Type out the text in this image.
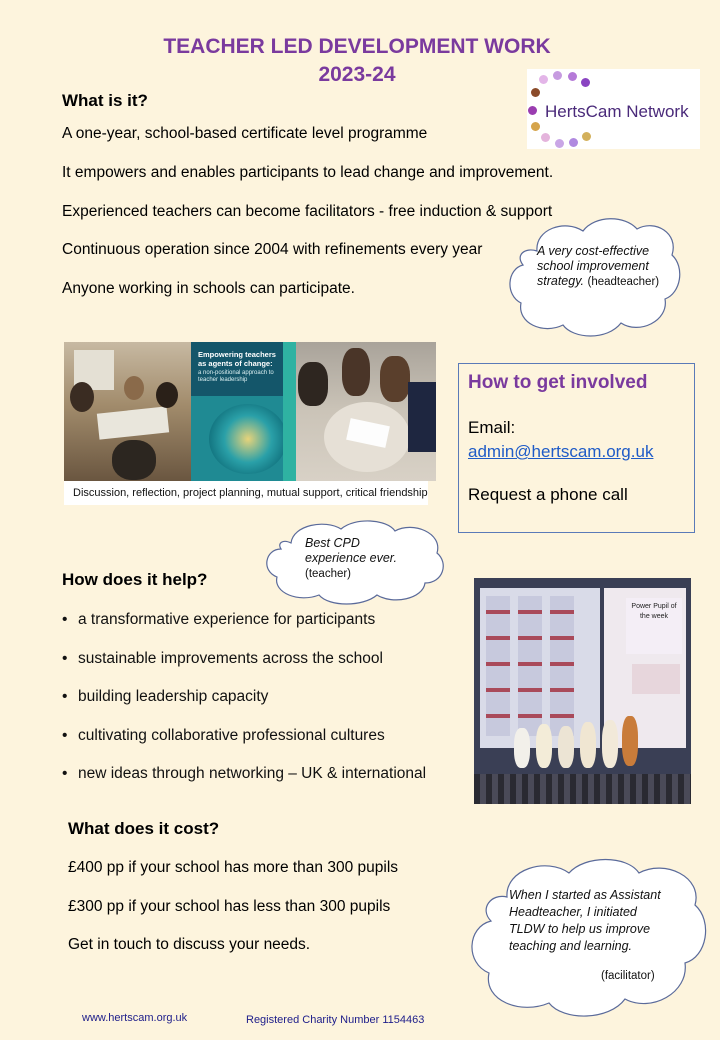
TEACHER LED DEVELOPMENT WORK
2023-24
HertsCam Network
What is it?
A one-year, school-based certificate level programme
It empowers and enables participants to lead change and improvement.
Experienced teachers can become facilitators - free induction & support
Continuous operation since 2004 with refinements every year
Anyone working in schools can participate.
A very cost-effective school improvement strategy. (headteacher)
Empowering teachers as agents of change:
a non-positional approach to teacher leadership
Discussion, reflection, project planning, mutual support, critical friendship
How to get involved
Email:
admin@hertscam.org.uk
Request a phone call
Best CPD experience ever. (teacher)
How does it help?
• a transformative experience for participants
• sustainable improvements across the school
• building leadership capacity
• cultivating collaborative professional cultures
• new ideas through networking – UK & international
Power Pupil of the week
What does it cost?
£400 pp if your school has more than 300 pupils
£300 pp if your school has less than 300 pupils
Get in touch to discuss your needs.
When I started as Assistant Headteacher, I initiated TLDW to help us improve teaching and learning.
(facilitator)
www.hertscam.org.uk	Registered Charity Number 1154463
